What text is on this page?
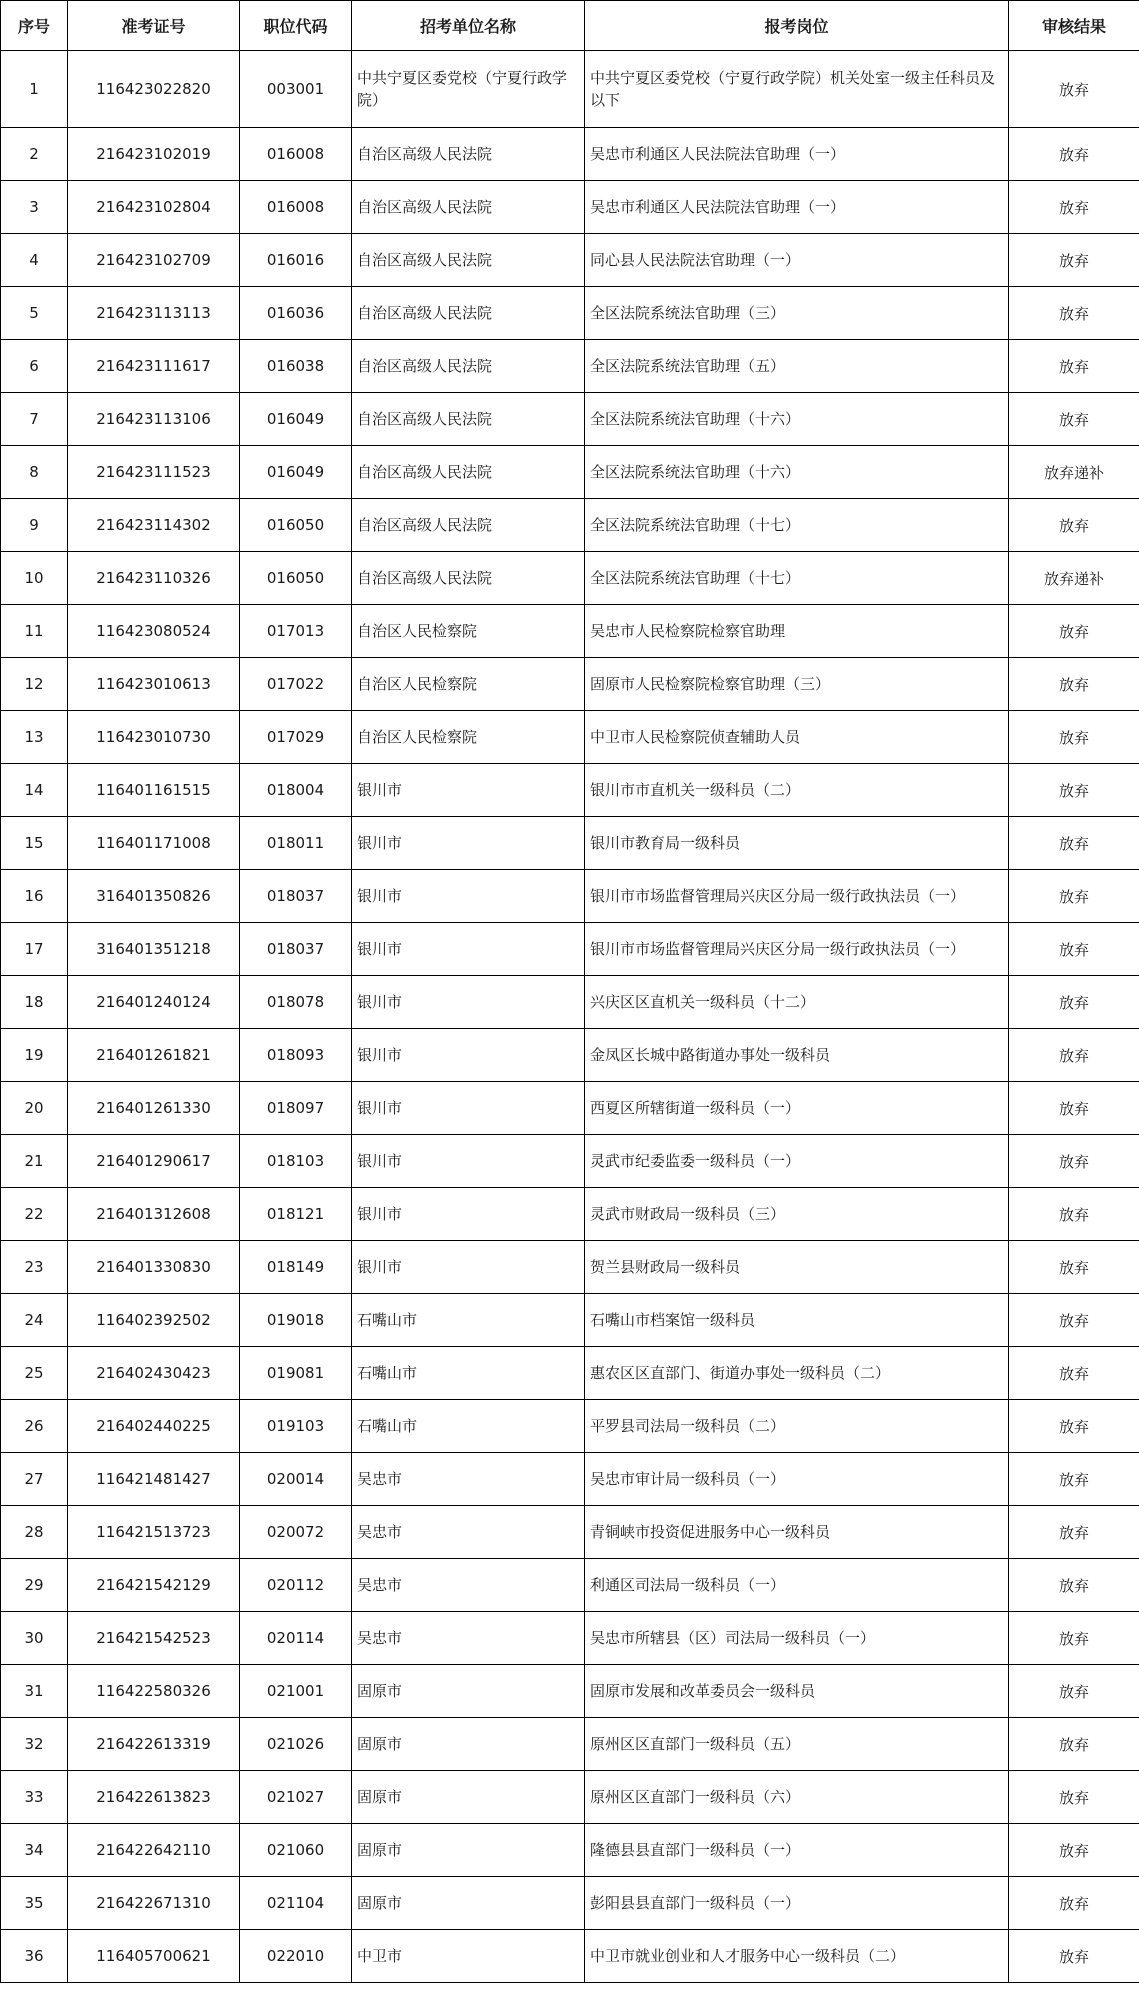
序号	准考证号	职位代码	招考单位名称	报考岗位	审核结果
1	116423022820	003001	中共宁夏区委党校（宁夏行政学院）	中共宁夏区委党校（宁夏行政学院）机关处室一级主任科员及以下	放弃
2	216423102019	016008	自治区高级人民法院	吴忠市利通区人民法院法官助理（一）	放弃
3	216423102804	016008	自治区高级人民法院	吴忠市利通区人民法院法官助理（一）	放弃
4	216423102709	016016	自治区高级人民法院	同心县人民法院法官助理（一）	放弃
5	216423113113	016036	自治区高级人民法院	全区法院系统法官助理（三）	放弃
6	216423111617	016038	自治区高级人民法院	全区法院系统法官助理（五）	放弃
7	216423113106	016049	自治区高级人民法院	全区法院系统法官助理（十六）	放弃
8	216423111523	016049	自治区高级人民法院	全区法院系统法官助理（十六）	放弃递补
9	216423114302	016050	自治区高级人民法院	全区法院系统法官助理（十七）	放弃
10	216423110326	016050	自治区高级人民法院	全区法院系统法官助理（十七）	放弃递补
11	116423080524	017013	自治区人民检察院	吴忠市人民检察院检察官助理	放弃
12	116423010613	017022	自治区人民检察院	固原市人民检察院检察官助理（三）	放弃
13	116423010730	017029	自治区人民检察院	中卫市人民检察院侦查辅助人员	放弃
14	116401161515	018004	银川市	银川市市直机关一级科员（二）	放弃
15	116401171008	018011	银川市	银川市教育局一级科员	放弃
16	316401350826	018037	银川市	银川市市场监督管理局兴庆区分局一级行政执法员（一）	放弃
17	316401351218	018037	银川市	银川市市场监督管理局兴庆区分局一级行政执法员（一）	放弃
18	216401240124	018078	银川市	兴庆区区直机关一级科员（十二）	放弃
19	216401261821	018093	银川市	金凤区长城中路街道办事处一级科员	放弃
20	216401261330	018097	银川市	西夏区所辖街道一级科员（一）	放弃
21	216401290617	018103	银川市	灵武市纪委监委一级科员（一）	放弃
22	216401312608	018121	银川市	灵武市财政局一级科员（三）	放弃
23	216401330830	018149	银川市	贺兰县财政局一级科员	放弃
24	116402392502	019018	石嘴山市	石嘴山市档案馆一级科员	放弃
25	216402430423	019081	石嘴山市	惠农区区直部门、街道办事处一级科员（二）	放弃
26	216402440225	019103	石嘴山市	平罗县司法局一级科员（二）	放弃
27	116421481427	020014	吴忠市	吴忠市审计局一级科员（一）	放弃
28	116421513723	020072	吴忠市	青铜峡市投资促进服务中心一级科员	放弃
29	216421542129	020112	吴忠市	利通区司法局一级科员（一）	放弃
30	216421542523	020114	吴忠市	吴忠市所辖县（区）司法局一级科员（一）	放弃
31	116422580326	021001	固原市	固原市发展和改革委员会一级科员	放弃
32	216422613319	021026	固原市	原州区区直部门一级科员（五）	放弃
33	216422613823	021027	固原市	原州区区直部门一级科员（六）	放弃
34	216422642110	021060	固原市	隆德县县直部门一级科员（一）	放弃
35	216422671310	021104	固原市	彭阳县县直部门一级科员（一）	放弃
36	116405700621	022010	中卫市	中卫市就业创业和人才服务中心一级科员（二）	放弃
